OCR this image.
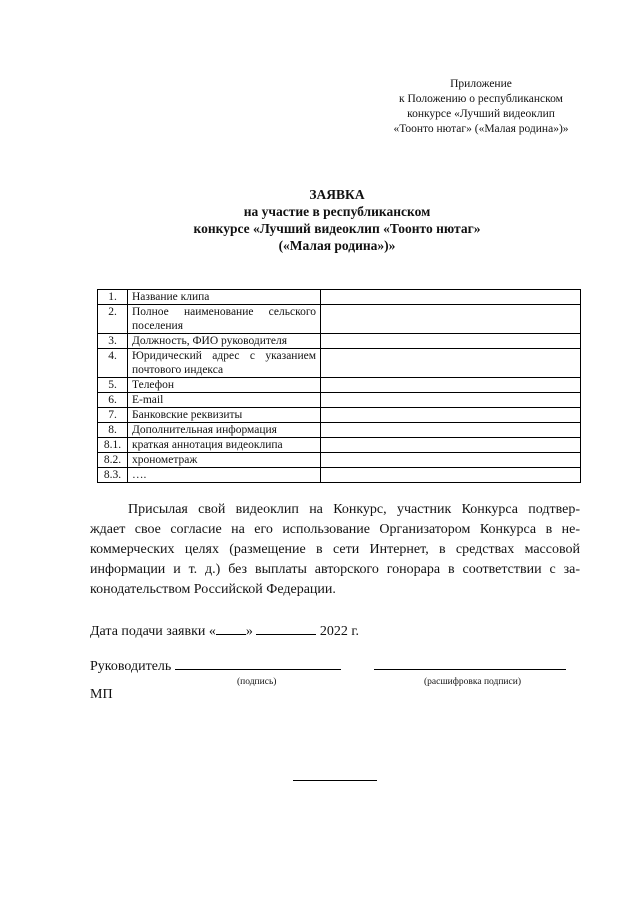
Приложение
к Положению о республиканском
конкурсе «Лучший видеоклип
«Тоонто нютаг» («Малая родина»)»
ЗАЯВКА
на участие в республиканском
конкурсе «Лучший видеоклип «Тоонто нютаг»
(«Малая родина»)»
1.	Название клипа	

2.	Полное наименование сельского
поселения	

3.	Должность, ФИО руководителя	

4.	Юридический адрес с указанием
почтового индекса	

5.	Телефон	

6.	E-mail	

7.	Банковские реквизиты	

8.	Дополнительная информация	

8.1.	краткая аннотация видеоклипа	

8.2.	хронометраж	

8.3.	….	

Присылая свой видеоклип на Конкурс, участник Конкурса подтвер-
ждает свое согласие на его использование Организатором Конкурса в не-
коммерческих целях (размещение в сети Интернет, в средствах массовой
информации и т. д.) без выплаты авторского гонорара в соответствии с за-
конодательством Российской Федерации.
Дата подачи заявки « »	2022 г.
Руководитель
(подпись)	(расшифровка подписи)
МП
